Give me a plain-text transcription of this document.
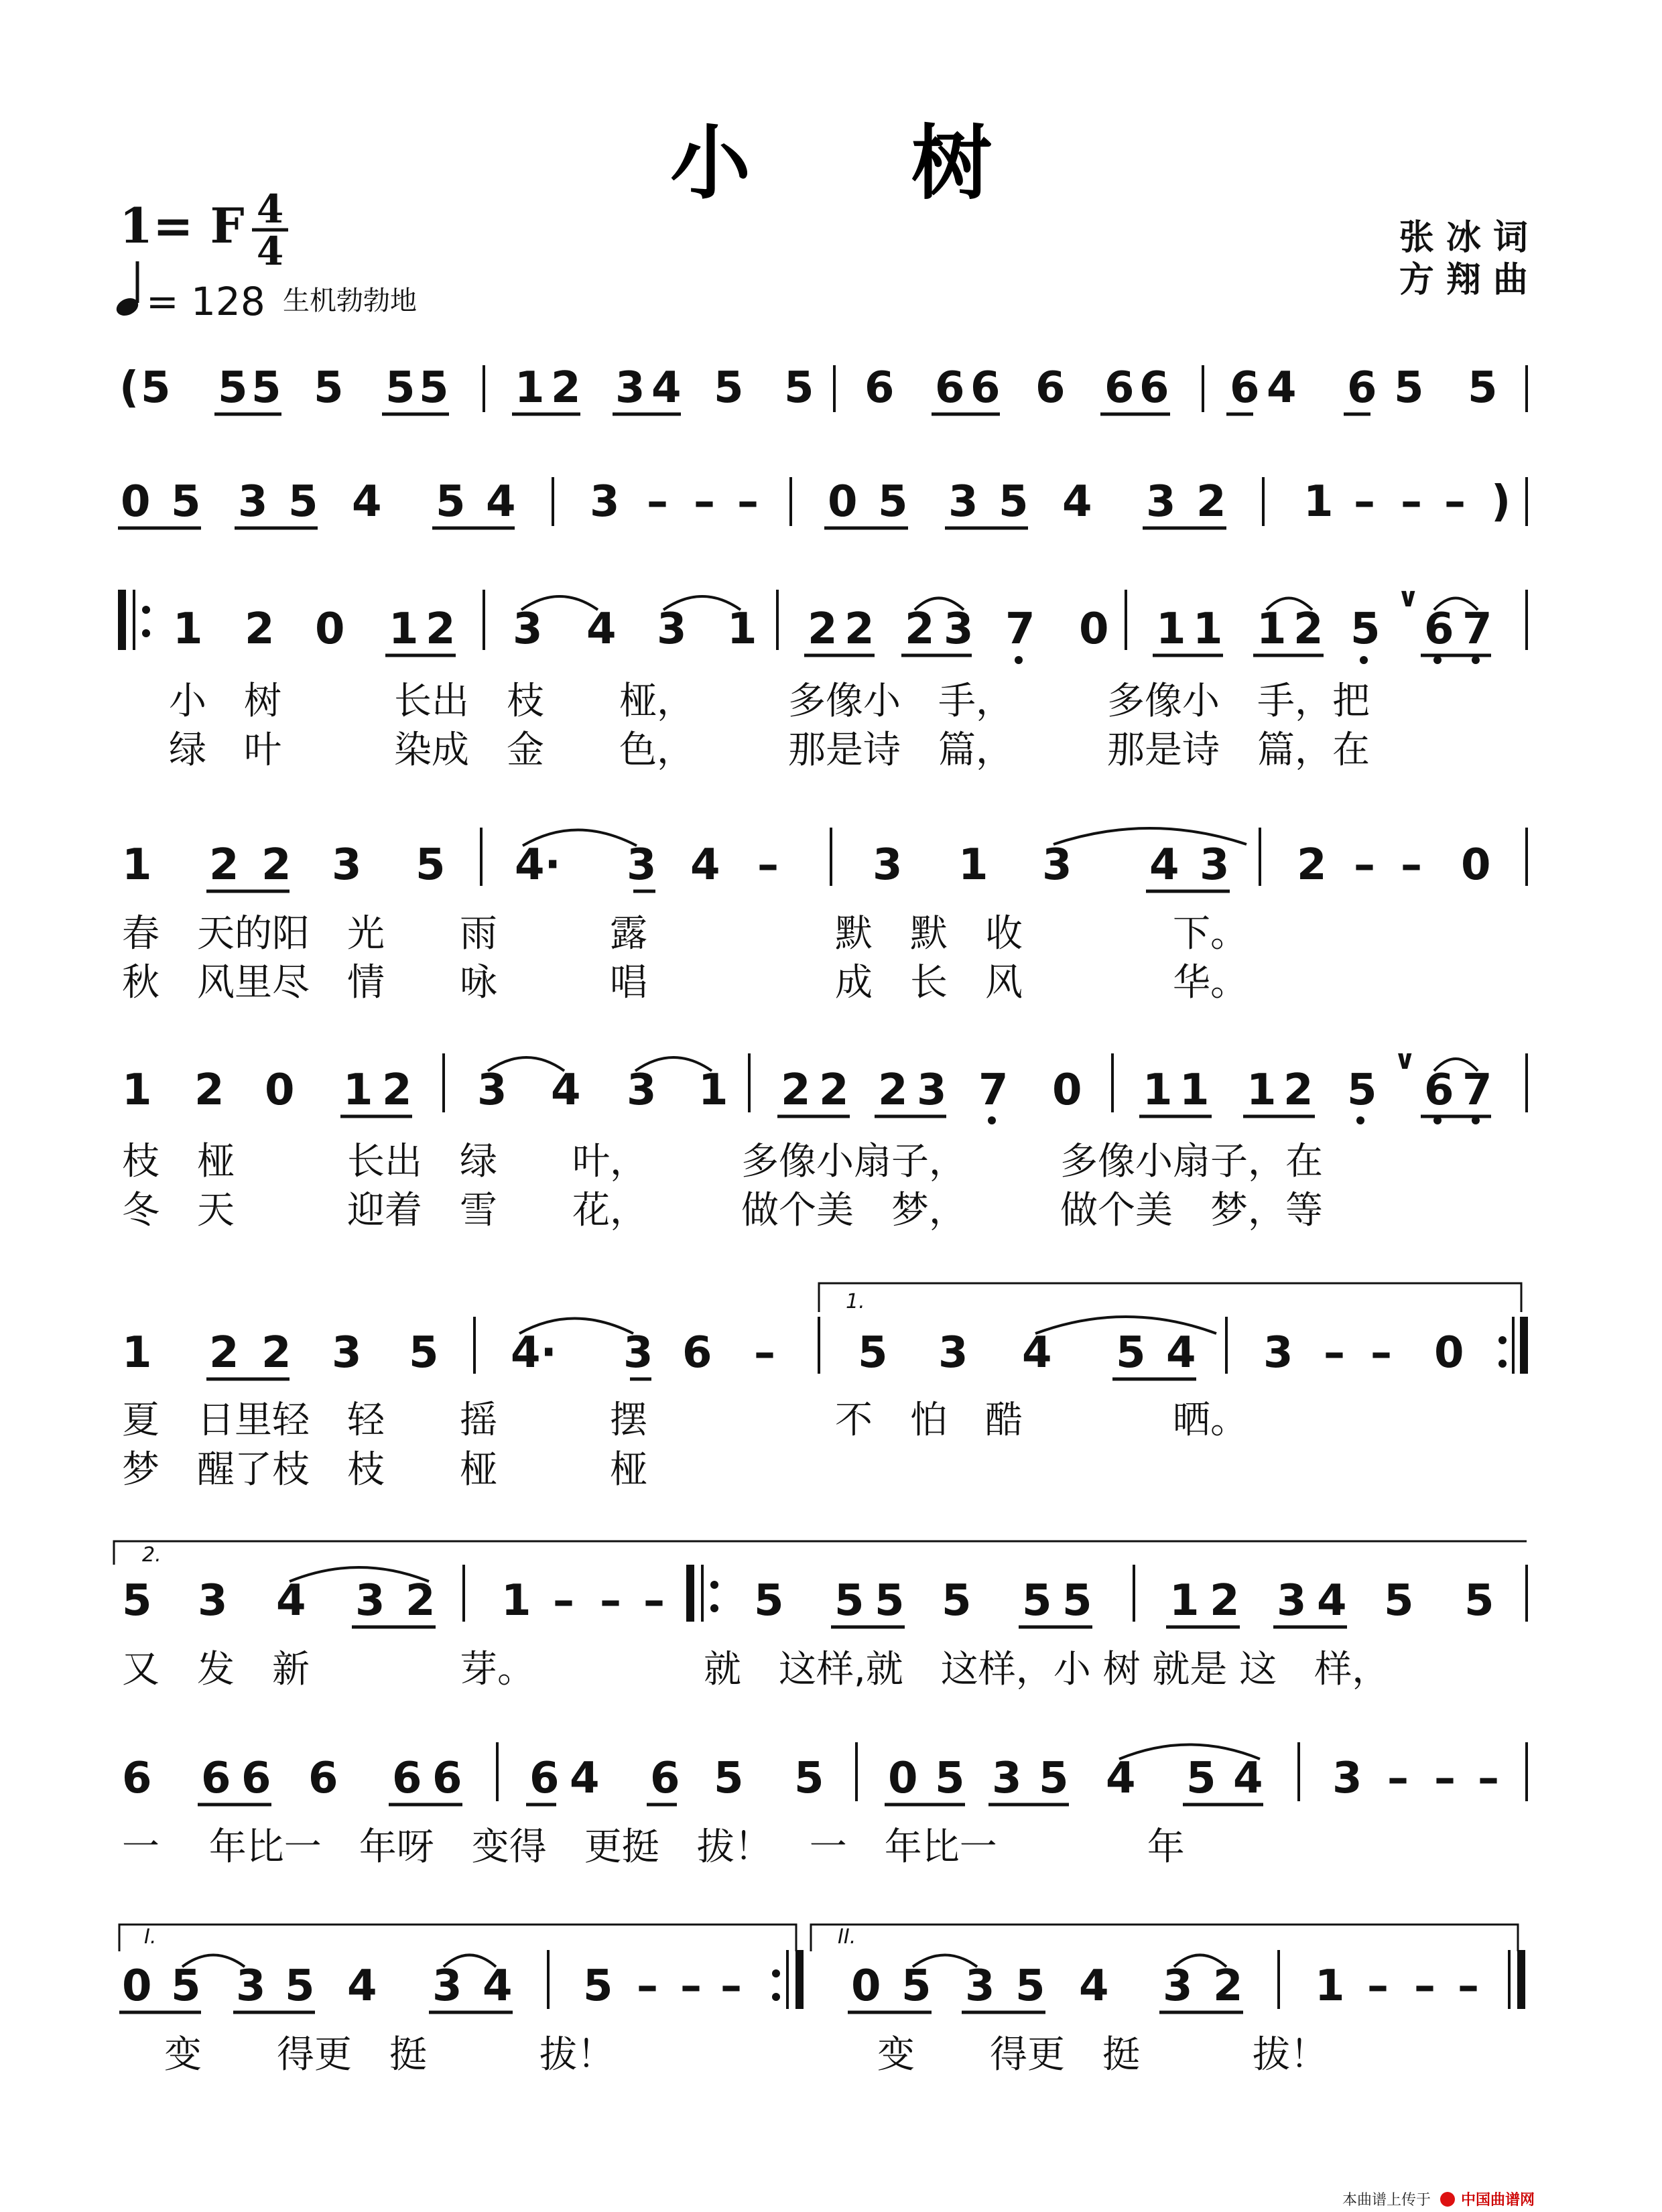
小　　树
1= F 4
4
= 128 生机勃勃地
张 冰 词
方 翔 曲
( 5 5 5 5 5 5 1 2 3 4 5 5 6 6 6 6 6 6 6 4 6 5 5
0 5 3 5 4 5 4 3 – – – 0 5 3 5 4 3 2 1 – – – )
1 2 0 1 2 3 4 3 1 2 2 2 3 7 0 1 1 1 2 5
∨
6 7
小　树　　　长出　枝　　桠，　　　多像小　手，　　　多像小　手，把
绿　叶　　　染成　金　　色，　　　那是诗　篇，　　　那是诗　篇，在
1 2 2 3 5 4· 3 4 – 3 1 3 4 3 2 – – 0
春　天的阳　光　　雨　　　露　　　　　默　默　收　　　　下。
秋　风里尽　情　　咏　　　唱　　　　　成　长　风　　　　华。
1 2 0 1 2 3 4 3 1 2 2 2 3 7 0 1 1 1 2 5
∨
6 7
枝　桠　　　长出　绿　　叶，　　　多像小扇子，　　　多像小扇子，在
冬　天　　　迎着　雪　　花，　　　做个美　梦，　　　做个美　梦，等
1.
1 2 2 3 5 4· 3 6 – 5 3 4 5 4 3 – – 0
夏　日里轻　轻　　摇　　　摆　　　　　不　怕　酷　　　　晒。
梦　醒了枝　枝　　桠　　　桠
2.
5 3 4 3 2 1 – – – 5 5 5 5 5 5 1 2 3 4 5 5
又　发　新　　　　芽。　　　　　就　这样,就　这样，小 树 就是 这　样，
6 6 6 6 6 6 6 4 6 5 5 0 5 3 5 4 5 4 3 – – –
一　 年比一　年呀　变得　更挺　拔！　一　年比一　　　　年
I.	II.
0 5 3 5 4 3 4 5 – – –	0 5 3 5 4 3 2 1 – – –
变　　得更　挺　　　拔！　　　　　　　变　　得更　挺　　　拔！
本曲谱上传于 中国曲谱网
